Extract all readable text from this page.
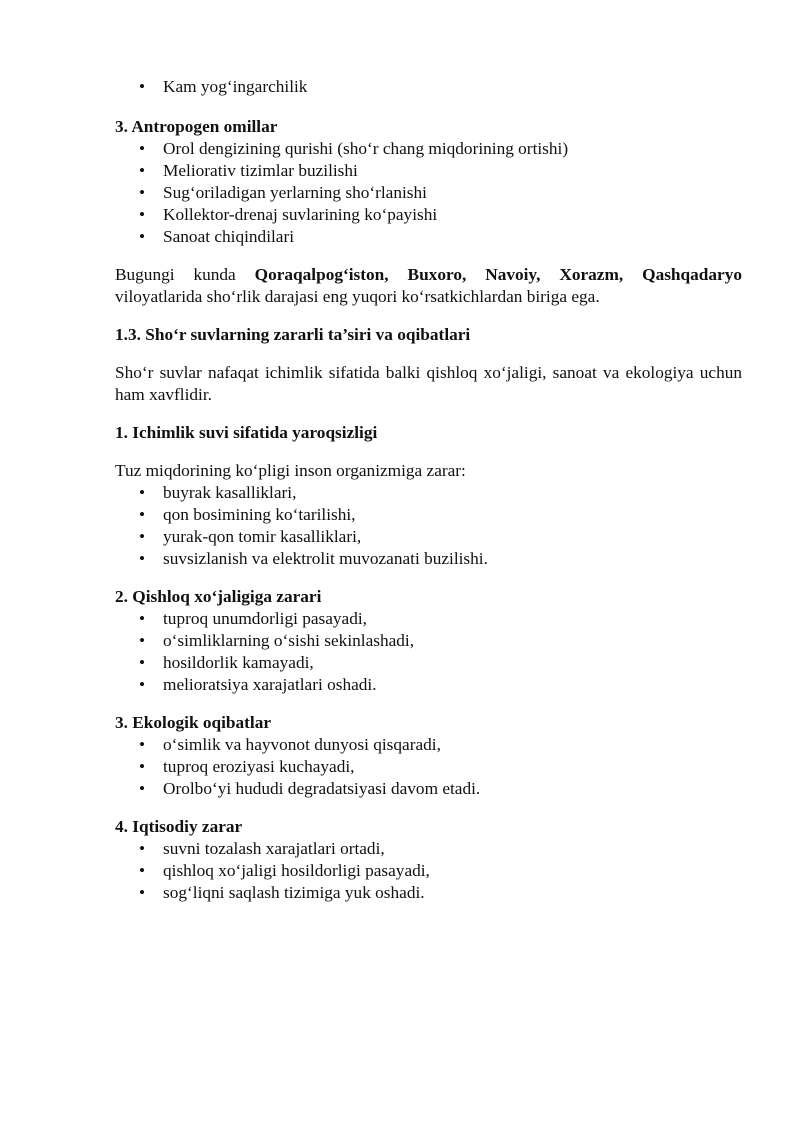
• Kam yog‘ingarchilik

3. Antropogen omillar

• Orol dengizining qurishi (sho‘r chang miqdorining ortishi)
• Meliorativ tizimlar buzilishi
• Sug‘oriladigan yerlarning sho‘rlanishi
• Kollektor-drenaj suvlarining ko‘payishi
• Sanoat chiqindilari

Bugungi kunda Qoraqalpog‘iston, Buxoro, Navoiy, Xorazm, Qashqadaryo viloyatlarida sho‘rlik darajasi eng yuqori ko‘rsatkichlardan biriga ega.

1.3. Sho‘r suvlarning zararli ta’siri va oqibatlari

Sho‘r suvlar nafaqat ichimlik sifatida balki qishloq xo‘jaligi, sanoat va ekologiya uchun ham xavflidir.

1. Ichimlik suvi sifatida yaroqsizligi

Tuz miqdorining ko‘pligi inson organizmiga zarar:

• buyrak kasalliklari,
• qon bosimining ko‘tarilishi,
• yurak-qon tomir kasalliklari,
• suvsizlanish va elektrolit muvozanati buzilishi.

2. Qishloq xo‘jaligiga zarari

• tuproq unumdorligi pasayadi,
• o‘simliklarning o‘sishi sekinlashadi,
• hosildorlik kamayadi,
• melioratsiya xarajatlari oshadi.

3. Ekologik oqibatlar

• o‘simlik va hayvonot dunyosi qisqaradi,
• tuproq eroziyasi kuchayadi,
• Orolbo‘yi hududi degradatsiyasi davom etadi.

4. Iqtisodiy zarar

• suvni tozalash xarajatlari ortadi,
• qishloq xo‘jaligi hosildorligi pasayadi,
• sog‘liqni saqlash tizimiga yuk oshadi.
